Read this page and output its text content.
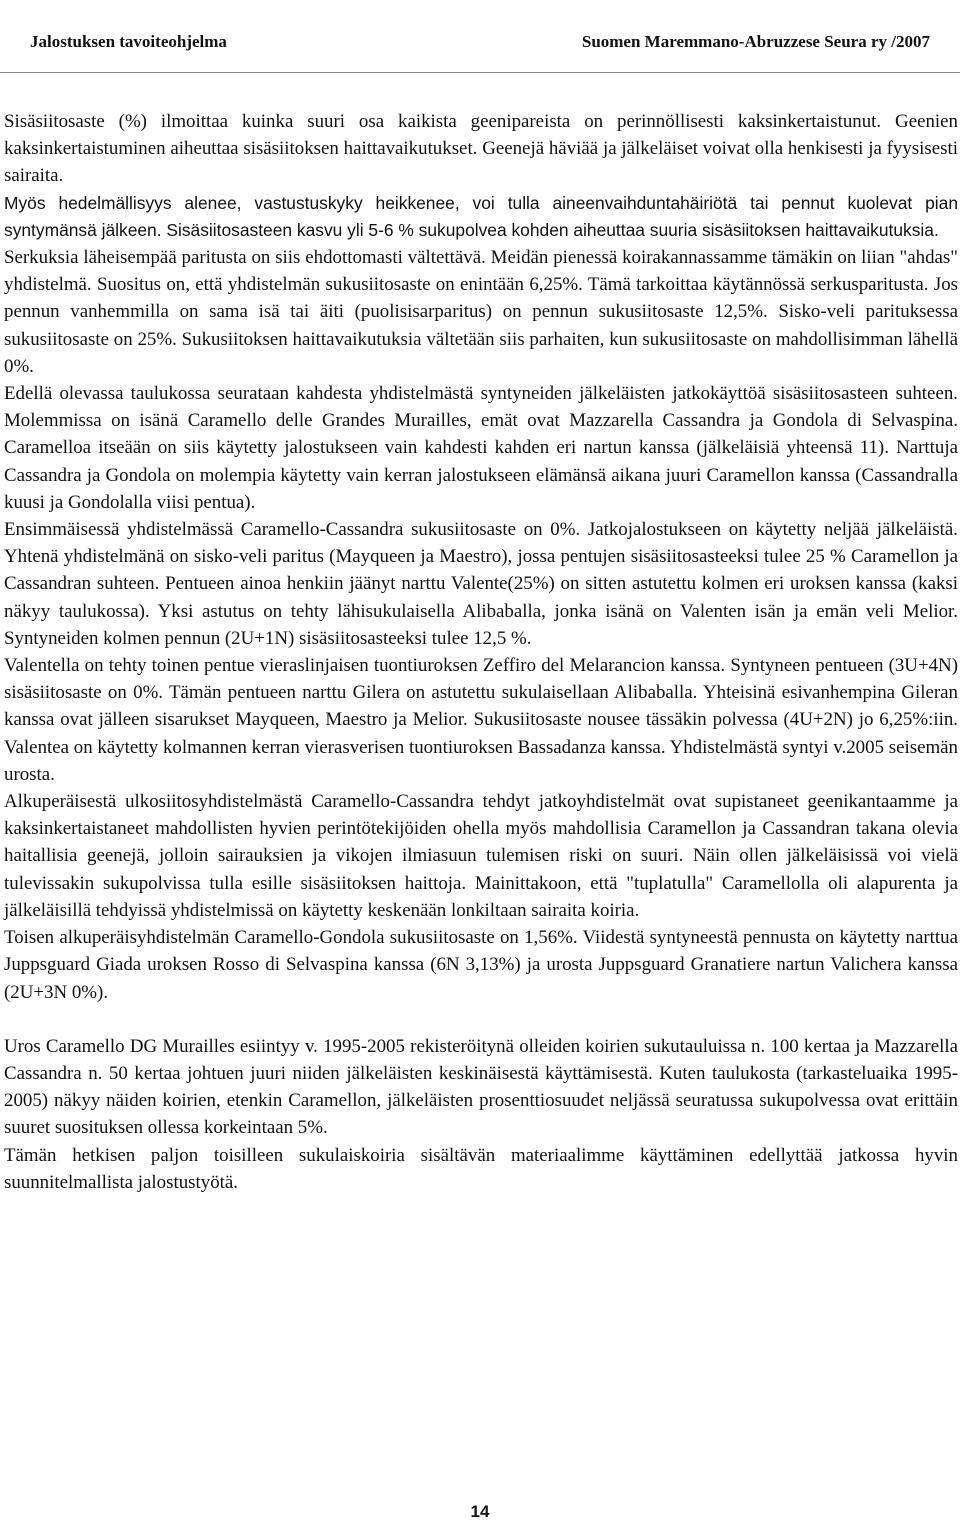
Jalostuksen tavoiteohjelma	Suomen Maremmano-Abruzzese Seura ry /2007

Sisäsiitosaste (%) ilmoittaa kuinka suuri osa kaikista geenipareista on perinnöllisesti kaksinkertaistunut. Geenien kaksinkertaistuminen aiheuttaa sisäsiitoksen haittavaikutukset. Geenejä häviää ja jälkeläiset voivat olla henkisesti ja fyysisesti sairaita.

Myös hedelmällisyys alenee, vastustuskyky heikkenee, voi tulla aineenvaihduntahäiriötä tai pennut kuolevat pian syntymänsä jälkeen. Sisäsiitosasteen kasvu yli 5-6 % sukupolvea kohden aiheuttaa suuria sisäsiitoksen haittavaikutuksia.

Serkuksia läheisempää paritusta on siis ehdottomasti vältettävä. Meidän pienessä koirakannassamme tämäkin on liian "ahdas" yhdistelmä. Suositus on, että yhdistelmän sukusiitosaste on enintään 6,25%. Tämä tarkoittaa käytännössä serkusparitusta. Jos pennun vanhemmilla on sama isä tai äiti (puolisisarparitus) on pennun sukusiitosaste 12,5%. Sisko-veli parituksessa sukusiitosaste on 25%. Sukusiitoksen haittavaikutuksia vältetään siis parhaiten, kun sukusiitosaste on mahdollisimman lähellä 0%.

Edellä olevassa taulukossa seurataan kahdesta yhdistelmästä syntyneiden jälkeläisten jatkokäyttöä sisäsiitosasteen suhteen. Molemmissa on isänä Caramello delle Grandes Murailles, emät ovat Mazzarella Cassandra ja Gondola di Selvaspina. Caramelloa itseään on siis käytetty jalostukseen vain kahdesti kahden eri nartun kanssa (jälkeläisiä yhteensä 11). Narttuja Cassandra ja Gondola on molempia käytetty vain kerran jalostukseen elämänsä aikana juuri Caramellon kanssa (Cassandralla kuusi ja Gondolalla viisi pentua).

Ensimmäisessä yhdistelmässä Caramello-Cassandra sukusiitosaste on 0%. Jatkojalostukseen on käytetty neljää jälkeläistä. Yhtenä yhdistelmänä on sisko-veli paritus (Mayqueen ja Maestro), jossa pentujen sisäsiitosasteeksi tulee 25 % Caramellon ja Cassandran suhteen. Pentueen ainoa henkiin jäänyt narttu Valente(25%) on sitten astutettu kolmen eri uroksen kanssa (kaksi näkyy taulukossa). Yksi astutus on tehty lähisukulaisella Alibaballa, jonka isänä on Valenten isän ja emän veli Melior. Syntyneiden kolmen pennun (2U+1N) sisäsiitosasteeksi tulee 12,5 %.

Valentella on tehty toinen pentue vieraslinjaisen tuontiuroksen Zeffiro del Melarancion kanssa. Syntyneen pentueen (3U+4N) sisäsiitosaste on 0%. Tämän pentueen narttu Gilera on astutettu sukulaisellaan Alibaballa. Yhteisinä esivanhempina Gileran kanssa ovat jälleen sisarukset Mayqueen, Maestro ja Melior. Sukusiitosaste nousee tässäkin polvessa (4U+2N) jo 6,25%:iin. Valentea on käytetty kolmannen kerran vierasverisen tuontiuroksen Bassadanza kanssa. Yhdistelmästä syntyi v.2005 seisemän urosta.

Alkuperäisestä ulkosiitosyhdistelmästä Caramello-Cassandra tehdyt jatkoyhdistelmät ovat supistaneet geenikantaamme ja kaksinkertaistaneet mahdollisten hyvien perintötekijöiden ohella myös mahdollisia Caramellon ja Cassandran takana olevia haitallisia geenejä, jolloin sairauksien ja vikojen ilmiasuun tulemisen riski on suuri. Näin ollen jälkeläisissä voi vielä tulevissakin sukupolvissa tulla esille sisäsiitoksen haittoja. Mainittakoon, että "tuplatulla" Caramellolla oli alapurenta ja jälkeläisillä tehdyissä yhdistelmissä on käytetty keskenään lonkiltaan sairaita koiria.

Toisen alkuperäisyhdistelmän Caramello-Gondola sukusiitosaste on 1,56%. Viidestä syntyneestä pennusta on käytetty narttua Juppsguard Giada uroksen Rosso di Selvaspina kanssa (6N 3,13%) ja urosta Juppsguard Granatiere nartun Valichera kanssa (2U+3N 0%).

Uros Caramello DG Murailles esiintyy v. 1995-2005 rekisteröitynä olleiden koirien sukutauluissa n. 100 kertaa ja Mazzarella Cassandra n. 50 kertaa johtuen juuri niiden jälkeläisten keskinäisestä käyttämisestä. Kuten taulukosta (tarkasteluaika 1995-2005) näkyy näiden koirien, etenkin Caramellon, jälkeläisten prosenttiosuudet neljässä seuratussa sukupolvessa ovat erittäin suuret suosituksen ollessa korkeintaan 5%.

Tämän hetkisen paljon toisilleen sukulaiskoiria sisältävän materiaalimme käyttäminen edellyttää jatkossa hyvin suunnitelmallista jalostustyötä.

14
